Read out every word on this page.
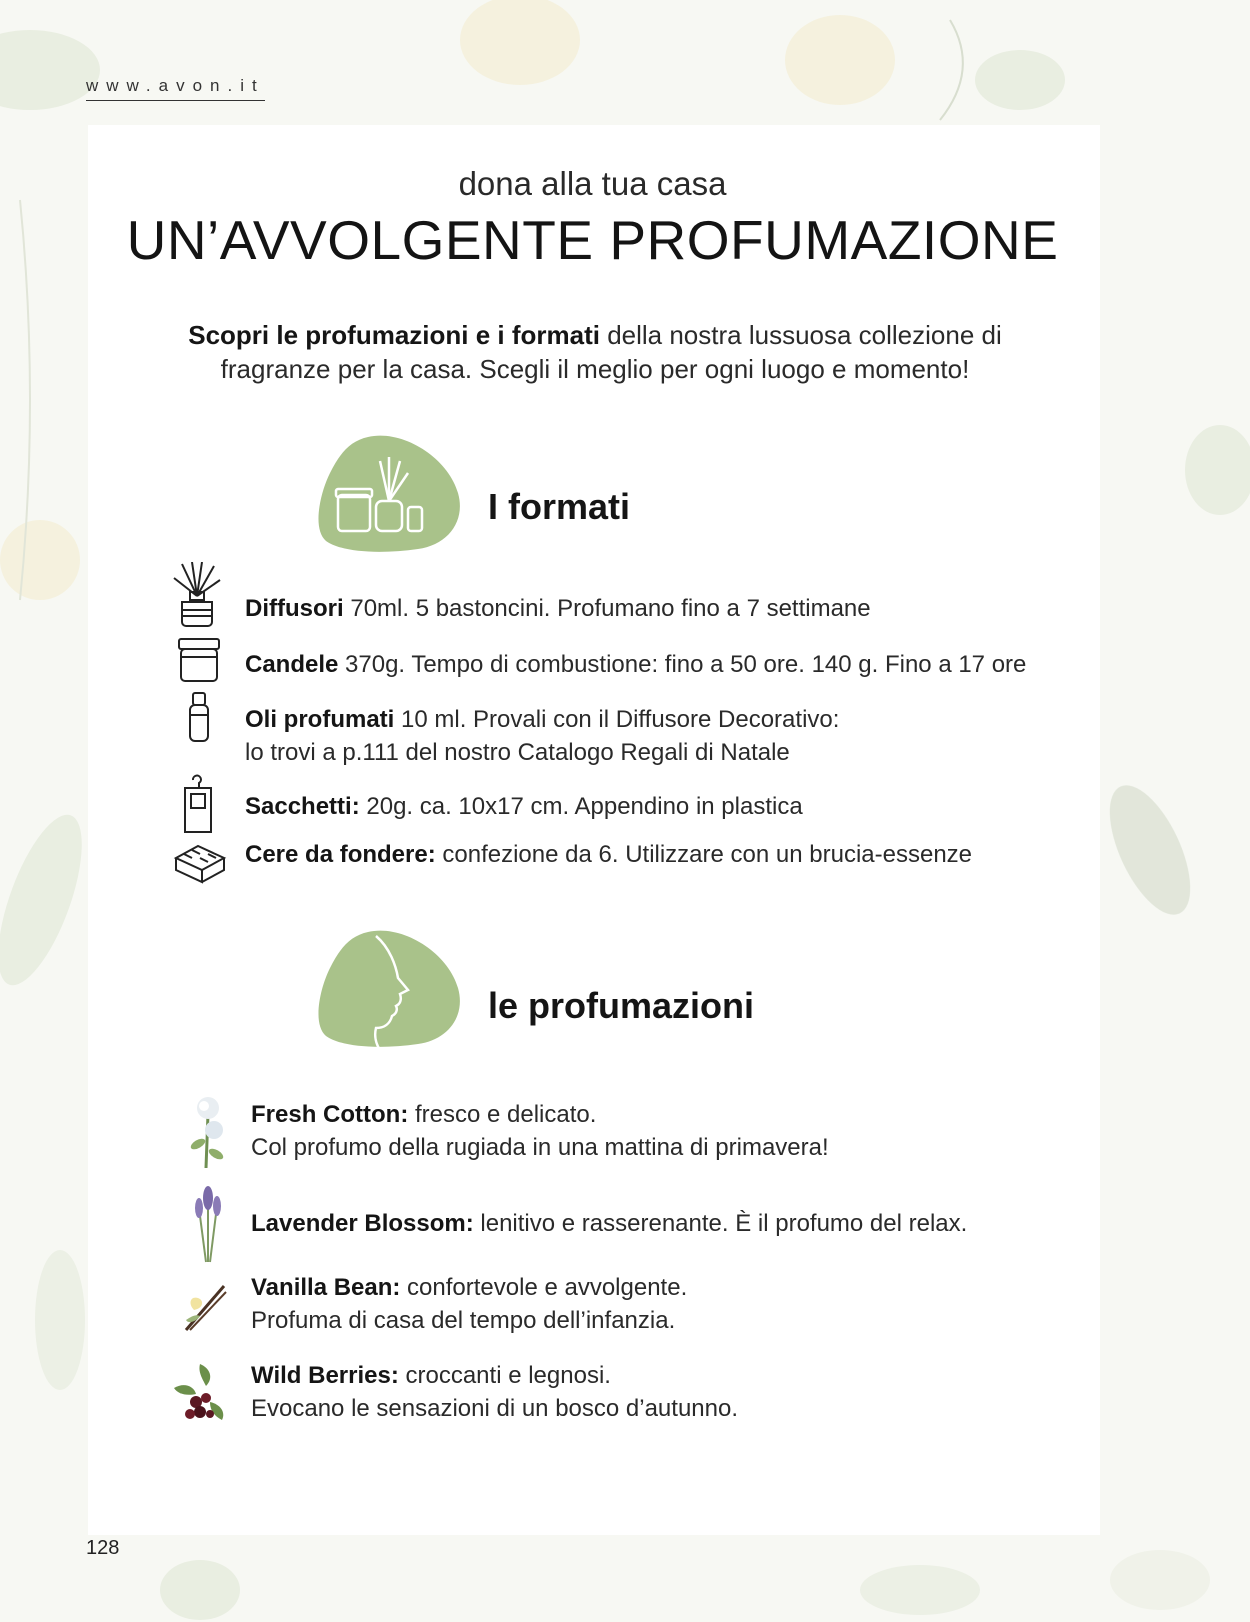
www.avon.it
dona alla tua casa
UN’AVVOLGENTE PROFUMAZIONE
Scopri le profumazioni e i formati della nostra lussuosa collezione di
fragranze per la casa. Scegli il meglio per ogni luogo e momento!
I formati
Diffusori 70ml. 5 bastoncini. Profumano fino a 7 settimane
Candele 370g. Tempo di combustione: fino a 50 ore. 140 g. Fino a 17 ore
Oli profumati 10 ml. Provali con il Diffusore Decorativo:
lo trovi a p.111 del nostro Catalogo Regali di Natale
Sacchetti: 20g. ca. 10x17 cm. Appendino in plastica
Cere da fondere: confezione da 6. Utilizzare con un brucia-essenze
le profumazioni
Fresh Cotton: fresco e delicato.
Col profumo della rugiada in una mattina di primavera!
Lavender Blossom: lenitivo e rasserenante. È il profumo del relax.
Vanilla Bean: confortevole e avvolgente.
Profuma di casa del tempo dell’infanzia.
Wild Berries: croccanti e legnosi.
Evocano le sensazioni di un bosco d’autunno.
128
